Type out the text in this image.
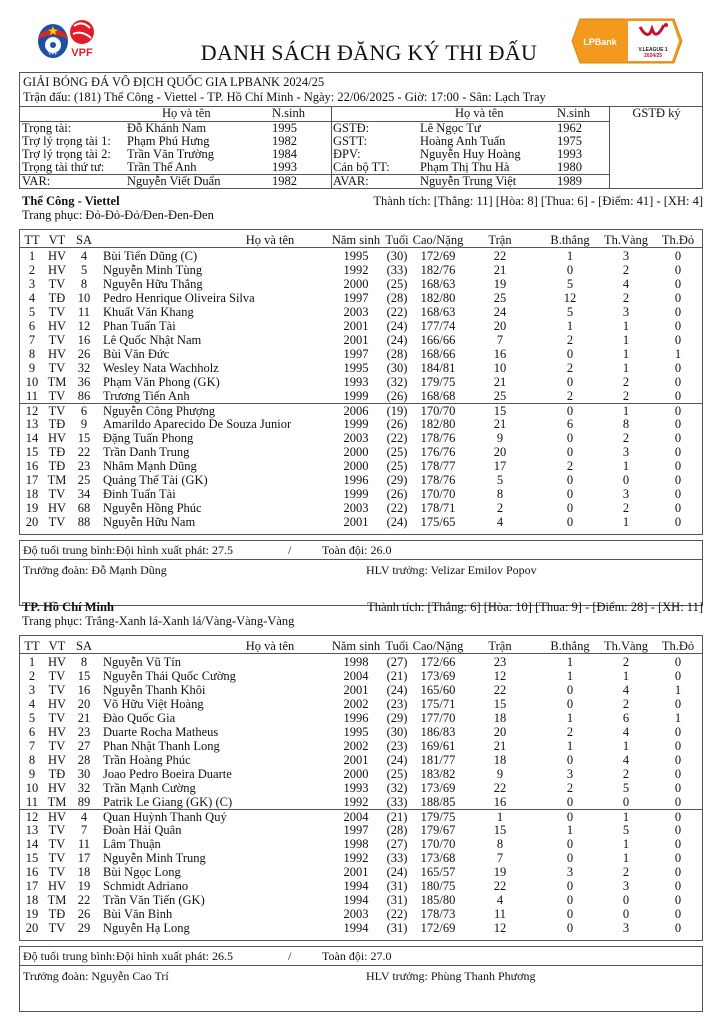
VFF VPF	DANH SÁCH ĐĂNG KÝ THI ĐẤU	LPBank
V.LEAGUE 1
2024/25
GIẢI BÓNG ĐÁ VÔ ĐỊCH QUỐC GIA LPBANK 2024/25
Trận đấu: (181) Thể Công - Viettel - TP. Hồ Chí Minh - Ngày: 22/06/2025 - Giờ: 17:00 - Sân: Lạch Tray
Họ và tên	N.sinh	Họ và tên	N.sinh	GSTĐ ký
Trọng tài:	Đỗ Khánh Nam	1995	GSTĐ:	Lê Ngọc Tư	1962
Trợ lý trọng tài 1: Phạm Phú Hưng	1982	GSTT:	Hoàng Anh Tuấn	1975
Trợ lý trọng tài 2: Trần Văn Trường	1984	ĐPV:	Nguyễn Huy Hoàng	1993
Trọng tài thứ tư: Trần Thế Anh	1993	Cán bộ TT: Phạm Thị Thu Hà	1980
VAR:	Nguyễn Viết Duẩn	1982	AVAR:	Nguyễn Trung Việt	1989
Thể Công - Viettel	Thành tích: [Thắng: 11] [Hòa: 8] [Thua: 6] - [Điểm: 41] - [XH: 4]
Trang phục: Đỏ-Đỏ-Đỏ/Đen-Đen-Đen
TT VT SA	Họ và tên	Năm sinh Tuổi Cao/Nặng Trận	B.thắng	Th.Vàng	Th.Đỏ
1	HV	4	Bùi Tiến Dũng (C)	1995	(30)	172/69	22	1	3	0
2	HV	5	Nguyễn Minh Tùng	1992	(33)	182/76	21	0	2	0
3	TV	8	Nguyễn Hữu Thắng	2000	(25)	168/63	19	5	4	0
4	TĐ 10	Pedro Henrique Oliveira Silva	1997	(28)	182/80	25	12	2	0
5	TV	11	Khuất Văn Khang	2003	(22)	168/63	24	5	3	0
6	HV 12	Phan Tuấn Tài	2001	(24)	177/74	20	1	1	0
7	TV 16	Lê Quốc Nhật Nam	2001	(24)	166/66	7	2	1	0
8	HV 26	Bùi Văn Đức	1997	(28)	168/66	16	0	1	1
9	TV 32	Wesley Nata Wachholz	1995	(30)	184/81	10	2	1	0
10 TM 36	Phạm Văn Phong (GK)	1993	(32)	179/75	21	0	2	0
11 TV 86	Trương Tiến Anh	1999	(26)	168/68	25	2	2	0
12 TV	6	Nguyễn Công Phượng	2006	(19)	170/70	15	0	1	0
13 TĐ	9	Amarildo Aparecido De Souza Junior	1999	(26)	182/80	21	6	8	0
14 HV 15	Đặng Tuấn Phong	2003	(22)	178/76	9	0	2	0
15 TĐ 22	Trần Danh Trung	2000	(25)	176/76	20	0	3	0
16 TĐ 23	Nhâm Mạnh Dũng	2000	(25)	178/77	17	2	1	0
17 TM 25	Quảng Thế Tài (GK)	1996	(29)	178/76	5	0	0	0
18 TV 34	Đinh Tuấn Tài	1999	(26)	170/70	8	0	3	0
19 HV 68	Nguyễn Hồng Phúc	2003	(22)	178/71	2	0	2	0
20 TV 88	Nguyễn Hữu Nam	2001	(24)	175/65	4	0	1	0
Độ tuổi trung bình: Đội hình xuất phát: 27.5	/	Toàn đội: 26.0
Trưởng đoàn: Đỗ Mạnh Dũng	HLV trưởng: Velizar Emilov Popov
TP. Hồ Chí Minh	Thành tích: [Thắng: 6] [Hòa: 10] [Thua: 9] - [Điểm: 28] - [XH: 11]
Trang phục: Trắng-Xanh lá-Xanh lá/Vàng-Vàng-Vàng
TT VT SA	Họ và tên	Năm sinh Tuổi Cao/Nặng Trận	B.thắng	Th.Vàng	Th.Đỏ
1	HV	8	Nguyễn Vũ Tín	1998	(27)	172/66	23	1	2	0
2	TV 15	Nguyễn Thái Quốc Cường	2004	(21)	173/69	12	1	1	0
3	TV 16	Nguyễn Thanh Khôi	2001	(24)	165/60	22	0	4	1
4	HV 20	Võ Hữu Việt Hoàng	2002	(23)	175/71	15	0	2	0
5	TV 21	Đào Quốc Gia	1996	(29)	177/70	18	1	6	1
6	HV 23	Duarte Rocha Matheus	1995	(30)	186/83	20	2	4	0
7	TV 27	Phan Nhật Thanh Long	2002	(23)	169/61	21	1	1	0
8	HV 28	Trần Hoàng Phúc	2001	(24)	181/77	18	0	4	0
9	TĐ 30	Joao Pedro Boeira Duarte	2000	(25)	183/82	9	3	2	0
10 HV 32	Trần Mạnh Cường	1993	(32)	173/69	22	2	5	0
11 TM 89	Patrik Le Giang (GK) (C)	1992	(33)	188/85	16	0	0	0
12 HV	4	Quan Huỳnh Thanh Quý	2004	(21)	179/75	1	0	1	0
13 TV	7	Đoàn Hải Quân	1997	(28)	179/67	15	1	5	0
14 TV	11	Lâm Thuận	1998	(27)	170/70	8	0	1	0
15 TV 17	Nguyễn Minh Trung	1992	(33)	173/68	7	0	1	0
16 TV 18	Bùi Ngọc Long	2001	(24)	165/57	19	3	2	0
17 HV 19	Schmidt Adriano	1994	(31)	180/75	22	0	3	0
18 TM 22	Trần Văn Tiến (GK)	1994	(31)	185/80	4	0	0	0
19 TĐ 26	Bùi Văn Bình	2003	(22)	178/73	11	0	0	0
20 TV 29	Nguyễn Hạ Long	1994	(31)	172/69	12	0	3	0
Độ tuổi trung bình: Đội hình xuất phát: 26.5	/	Toàn đội: 27.0
Trưởng đoàn: Nguyễn Cao Trí	HLV trưởng: Phùng Thanh Phương
